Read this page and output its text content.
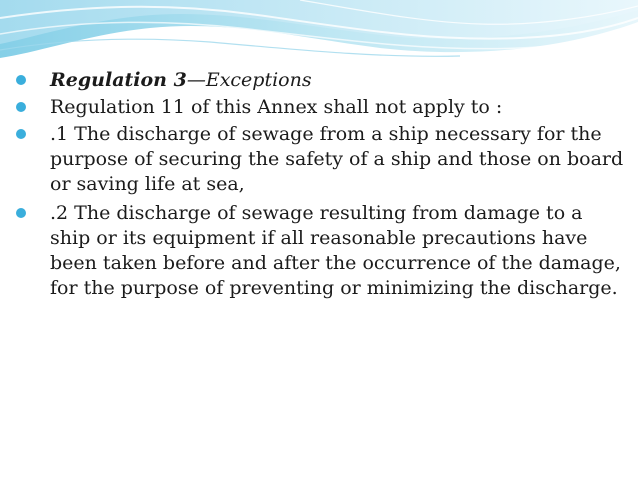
Regulation 3—Exceptions
Regulation 11 of this Annex shall not apply to :
.1 The discharge of sewage from a ship necessary for the purpose of securing the safety of a ship and those on board or saving life at sea,
.2 The discharge of sewage resulting from damage to a ship or its equipment if all reasonable precautions have been taken before and after the occurrence of the damage, for the purpose of preventing or minimizing the discharge.
